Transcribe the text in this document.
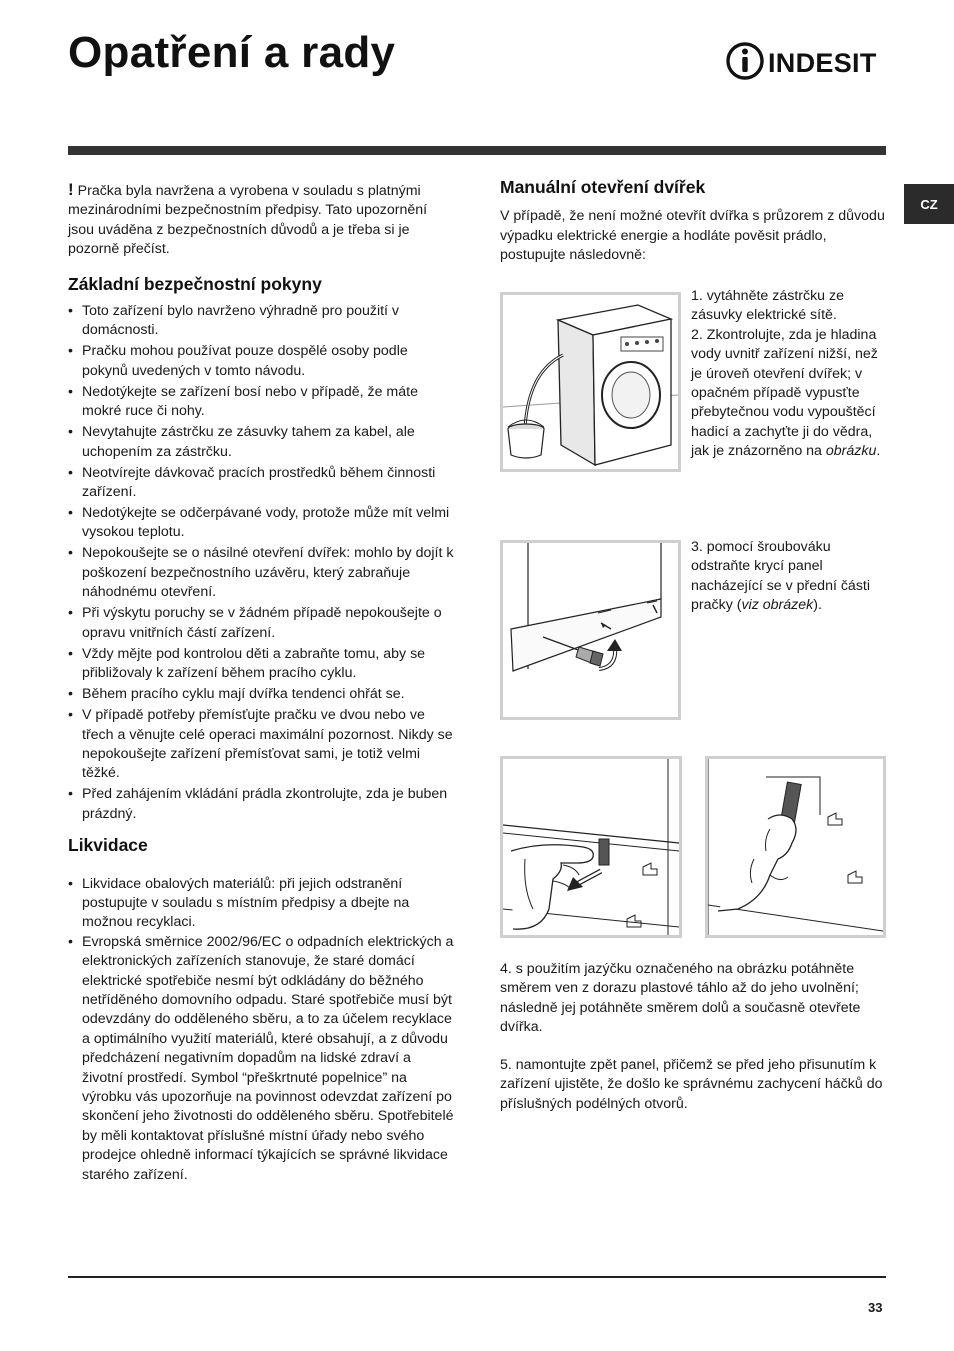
Opatření a rady	INDESIT
CZ

! Pračka byla navržena a vyrobena v souladu s platnými mezinárodními bezpečnostním předpisy. Tato upozornění jsou uváděna z bezpečnostních důvodů a je třeba si je pozorně přečíst.

Základní bezpečnostní pokyny
• Toto zařízení bylo navrženo výhradně pro použití v domácnosti.
• Pračku mohou používat pouze dospělé osoby podle pokynů uvedených v tomto návodu.
• Nedotýkejte se zařízení bosí nebo v případě, že máte mokré ruce či nohy.
• Nevytahujte zástrčku ze zásuvky tahem za kabel, ale uchopením za zástrčku.
• Neotvírejte dávkovač pracích prostředků během činnosti zařízení.
• Nedotýkejte se odčerpávané vody, protože může mít velmi vysokou teplotu.
• Nepokoušejte se o násilné otevření dvířek: mohlo by dojít k poškození bezpečnostního uzávěru, který zabraňuje náhodnému otevření.
• Při výskytu poruchy se v žádném případě nepokoušejte o opravu vnitřních částí zařízení.
• Vždy mějte pod kontrolou děti a zabraňte tomu, aby se přibližovaly k zařízení během pracího cyklu.
• Během pracího cyklu mají dvířka tendenci ohřát se.
• V případě potřeby přemísťujte pračku ve dvou nebo ve třech a věnujte celé operaci maximální pozornost. Nikdy se nepokoušejte zařízení přemísťovat sami, je totiž velmi těžké.
• Před zahájením vkládání prádla zkontrolujte, zda je buben prázdný.
Likvidace
• Likvidace obalových materiálů: při jejich odstranění postupujte v souladu s místním předpisy a dbejte na možnou recyklaci.
• Evropská směrnice 2002/96/EC o odpadních elektrických a elektronických zařízeních stanovuje, že staré domácí elektrické spotřebiče nesmí být odkládány do běžného netříděného domovního odpadu. Staré spotřebiče musí být odevzdány do odděleného sběru, a to za účelem recyklace a optimálního využití materiálů, které obsahují, a z důvodu předcházení negativním dopadům na lidské zdraví a životní prostředí. Symbol “přeškrtnuté popelnice” na výrobku vás upozorňuje na povinnost odevzdat zařízení po skončení jeho životnosti do odděleného sběru. Spotřebitelé by měli kontaktovat příslušné místní úřady nebo svého prodejce ohledně informací týkajících se správné likvidace starého zařízení.
Manuální otevření dvířek

V případě, že není možné otevřít dvířka s průzorem z důvodu výpadku elektrické energie a hodláte pověsit prádlo, postupujte následovně:

1. vytáhněte zástrčku ze zásuvky elektrické sítě.
2. Zkontrolujte, zda je hladina vody uvnitř zařízení nižší, než je úroveň otevření dvířek; v opačném případě vypusťte přebytečnou vodu vypouštěcí hadicí a zachyťte ji do vědra, jak je znázorněno na obrázku.

3. pomocí šroubováku odstraňte krycí panel nacházející se v přední části pračky (viz obrázek).

4. s použitím jazýčku označeného na obrázku potáhněte směrem ven z dorazu plastové táhlo až do jeho uvolnění; následně jej potáhněte směrem dolů a současně otevřete dvířka.

5. namontujte zpět panel, přičemž se před jeho přisunutím k zařízení ujistěte, že došlo ke správnému zachycení háčků do příslušných podélných otvorů.

33
